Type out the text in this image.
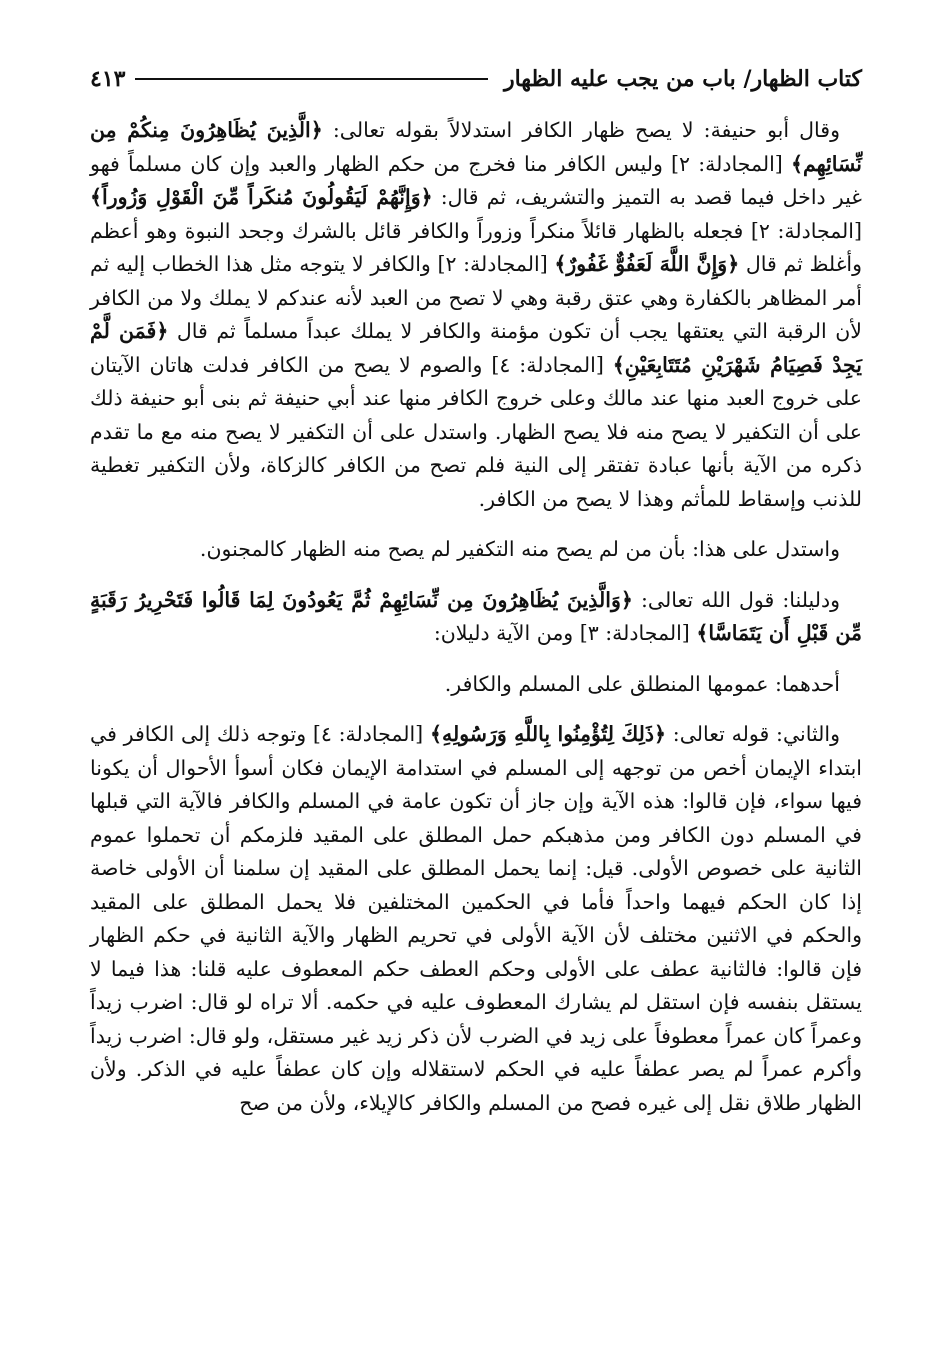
كتاب الظهار/ باب من يجب عليه الظهار
٤١٣

وقال أبو حنيفة: لا يصح ظهار الكافر استدلالاً بقوله تعالى: ﴿الَّذِينَ يُظَاهِرُونَ مِنكُمْ مِن نِّسَائِهِم﴾ [المجادلة: ٢] وليس الكافر منا فخرج من حكم الظهار والعبد وإن كان مسلماً فهو غير داخل فيما قصد به التميز والتشريف، ثم قال: ﴿وَإِنَّهُمْ لَيَقُولُونَ مُنكَراً مِّنَ الْقَوْلِ وَزُوراً﴾ [المجادلة: ٢] فجعله بالظهار قائلاً منكراً وزوراً والكافر قائل بالشرك وجحد النبوة وهو أعظم وأغلظ ثم قال ﴿وَإِنَّ اللَّهَ لَعَفُوٌّ غَفُورٌ﴾ [المجادلة: ٢] والكافر لا يتوجه مثل هذا الخطاب إليه ثم أمر المظاهر بالكفارة وهي عتق رقبة وهي لا تصح من العبد لأنه عندكم لا يملك ولا من الكافر لأن الرقبة التي يعتقها يجب أن تكون مؤمنة والكافر لا يملك عبداً مسلماً ثم قال ﴿فَمَن لَّمْ يَجِدْ فَصِيَامُ شَهْرَيْنِ مُتَتَابِعَيْنِ﴾ [المجادلة: ٤] والصوم لا يصح من الكافر فدلت هاتان الآيتان على خروج العبد منها عند مالك وعلى خروج الكافر منها عند أبي حنيفة ثم بنى أبو حنيفة ذلك على أن التكفير لا يصح منه فلا يصح الظهار. واستدل على أن التكفير لا يصح منه مع ما تقدم ذكره من الآية بأنها عبادة تفتقر إلى النية فلم تصح من الكافر كالزكاة، ولأن التكفير تغطية للذنب وإسقاط للمأثم وهذا لا يصح من الكافر.

واستدل على هذا: بأن من لم يصح منه التكفير لم يصح منه الظهار كالمجنون.

ودليلنا: قول الله تعالى: ﴿وَالَّذِينَ يُظَاهِرُونَ مِن نِّسَائِهِمْ ثُمَّ يَعُودُونَ لِمَا قَالُوا فَتَحْرِيرُ رَقَبَةٍ مِّن قَبْلِ أَن يَتَمَاسَّا﴾ [المجادلة: ٣] ومن الآية دليلان:

أحدهما: عمومها المنطلق على المسلم والكافر.

والثاني: قوله تعالى: ﴿ذَلِكَ لِتُؤْمِنُوا بِاللَّهِ وَرَسُولِهِ﴾ [المجادلة: ٤] وتوجه ذلك إلى الكافر في ابتداء الإيمان أخص من توجهه إلى المسلم في استدامة الإيمان فكان أسوأ الأحوال أن يكونا فيها سواء، فإن قالوا: هذه الآية وإن جاز أن تكون عامة في المسلم والكافر فالآية التي قبلها في المسلم دون الكافر ومن مذهبكم حمل المطلق على المقيد فلزمكم أن تحملوا عموم الثانية على خصوص الأولى. قيل: إنما يحمل المطلق على المقيد إن سلمنا أن الأولى خاصة إذا كان الحكم فيهما واحداً فأما في الحكمين المختلفين فلا يحمل المطلق على المقيد والحكم في الاثنين مختلف لأن الآية الأولى في تحريم الظهار والآية الثانية في حكم الظهار فإن قالوا: فالثانية عطف على الأولى وحكم العطف حكم المعطوف عليه قلنا: هذا فيما لا يستقل بنفسه فإن استقل لم يشارك المعطوف عليه في حكمه. ألا تراه لو قال: اضرب زيداً وعمراً كان عمراً معطوفاً على زيد في الضرب لأن ذكر زيد غير مستقل، ولو قال: اضرب زيداً وأكرم عمراً لم يصر عطفاً عليه في الحكم لاستقلاله وإن كان عطفاً عليه في الذكر. ولأن الظهار طلاق نقل إلى غيره فصح من المسلم والكافر كالإيلاء، ولأن من صح
